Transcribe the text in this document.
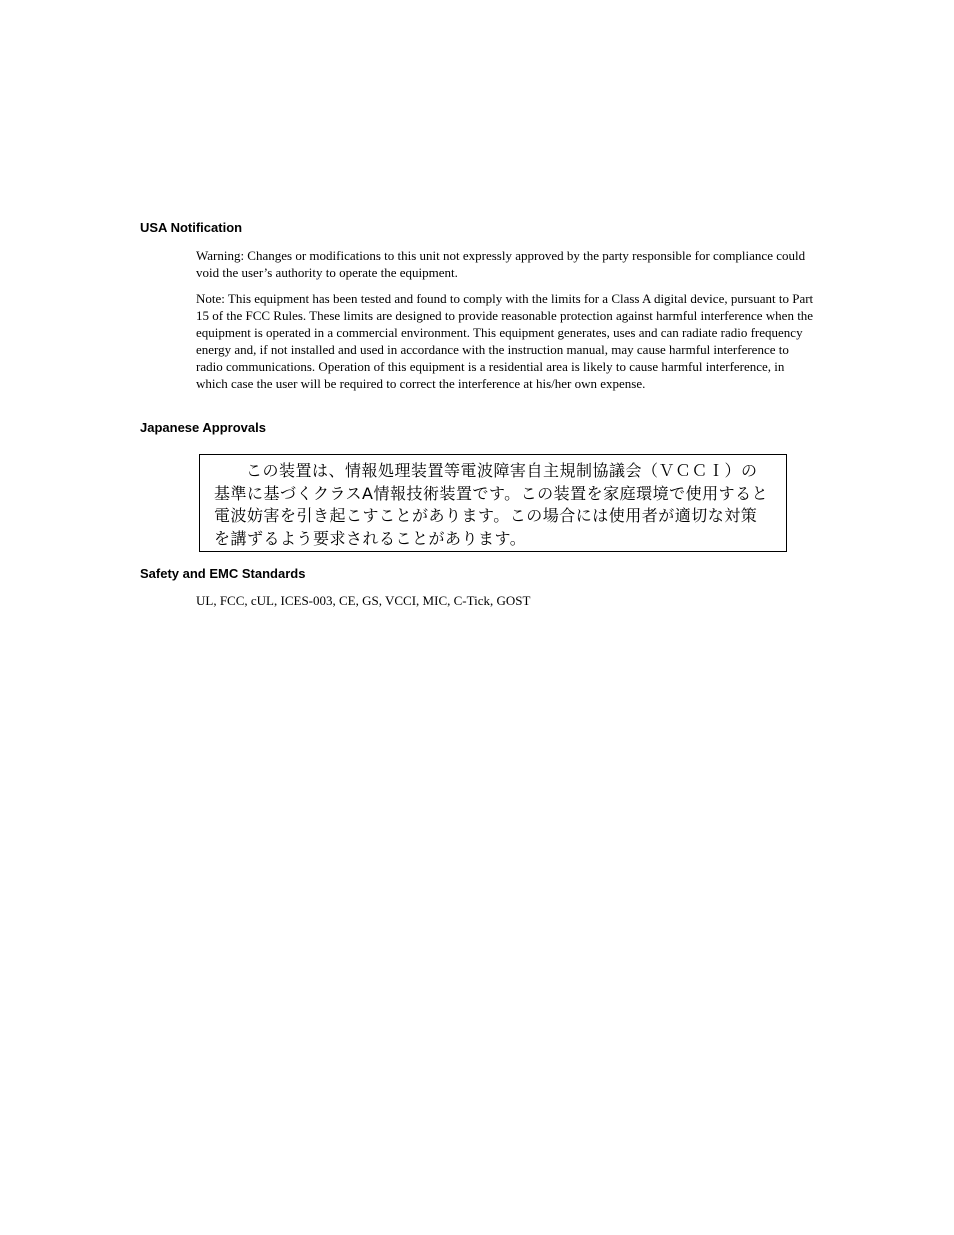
USA Notification

Warning: Changes or modifications to this unit not expressly approved by the party responsible for compliance could void the user’s authority to operate the equipment.

Note: This equipment has been tested and found to comply with the limits for a Class A digital device, pursuant to Part 15 of the FCC Rules. These limits are designed to provide reasonable protection against harmful interference when the equipment is operated in a commercial environment. This equipment generates, uses and can radiate radio frequency energy and, if not installed and used in accordance with the instruction manual, may cause harmful interference to radio communications. Operation of this equipment is a residential area is likely to cause harmful interference, in which case the user will be required to correct the interference at his/her own expense.

Japanese Approvals

この装置は、情報処理装置等電波障害自主規制協議会（ＶＣＣＩ）の基準に基づくクラスA情報技術装置です。この装置を家庭環境で使用すると電波妨害を引き起こすことがあります。この場合には使用者が適切な対策を講ずるよう要求されることがあります。

Safety and EMC Standards

UL, FCC, cUL, ICES-003, CE, GS, VCCI, MIC, C-Tick, GOST
